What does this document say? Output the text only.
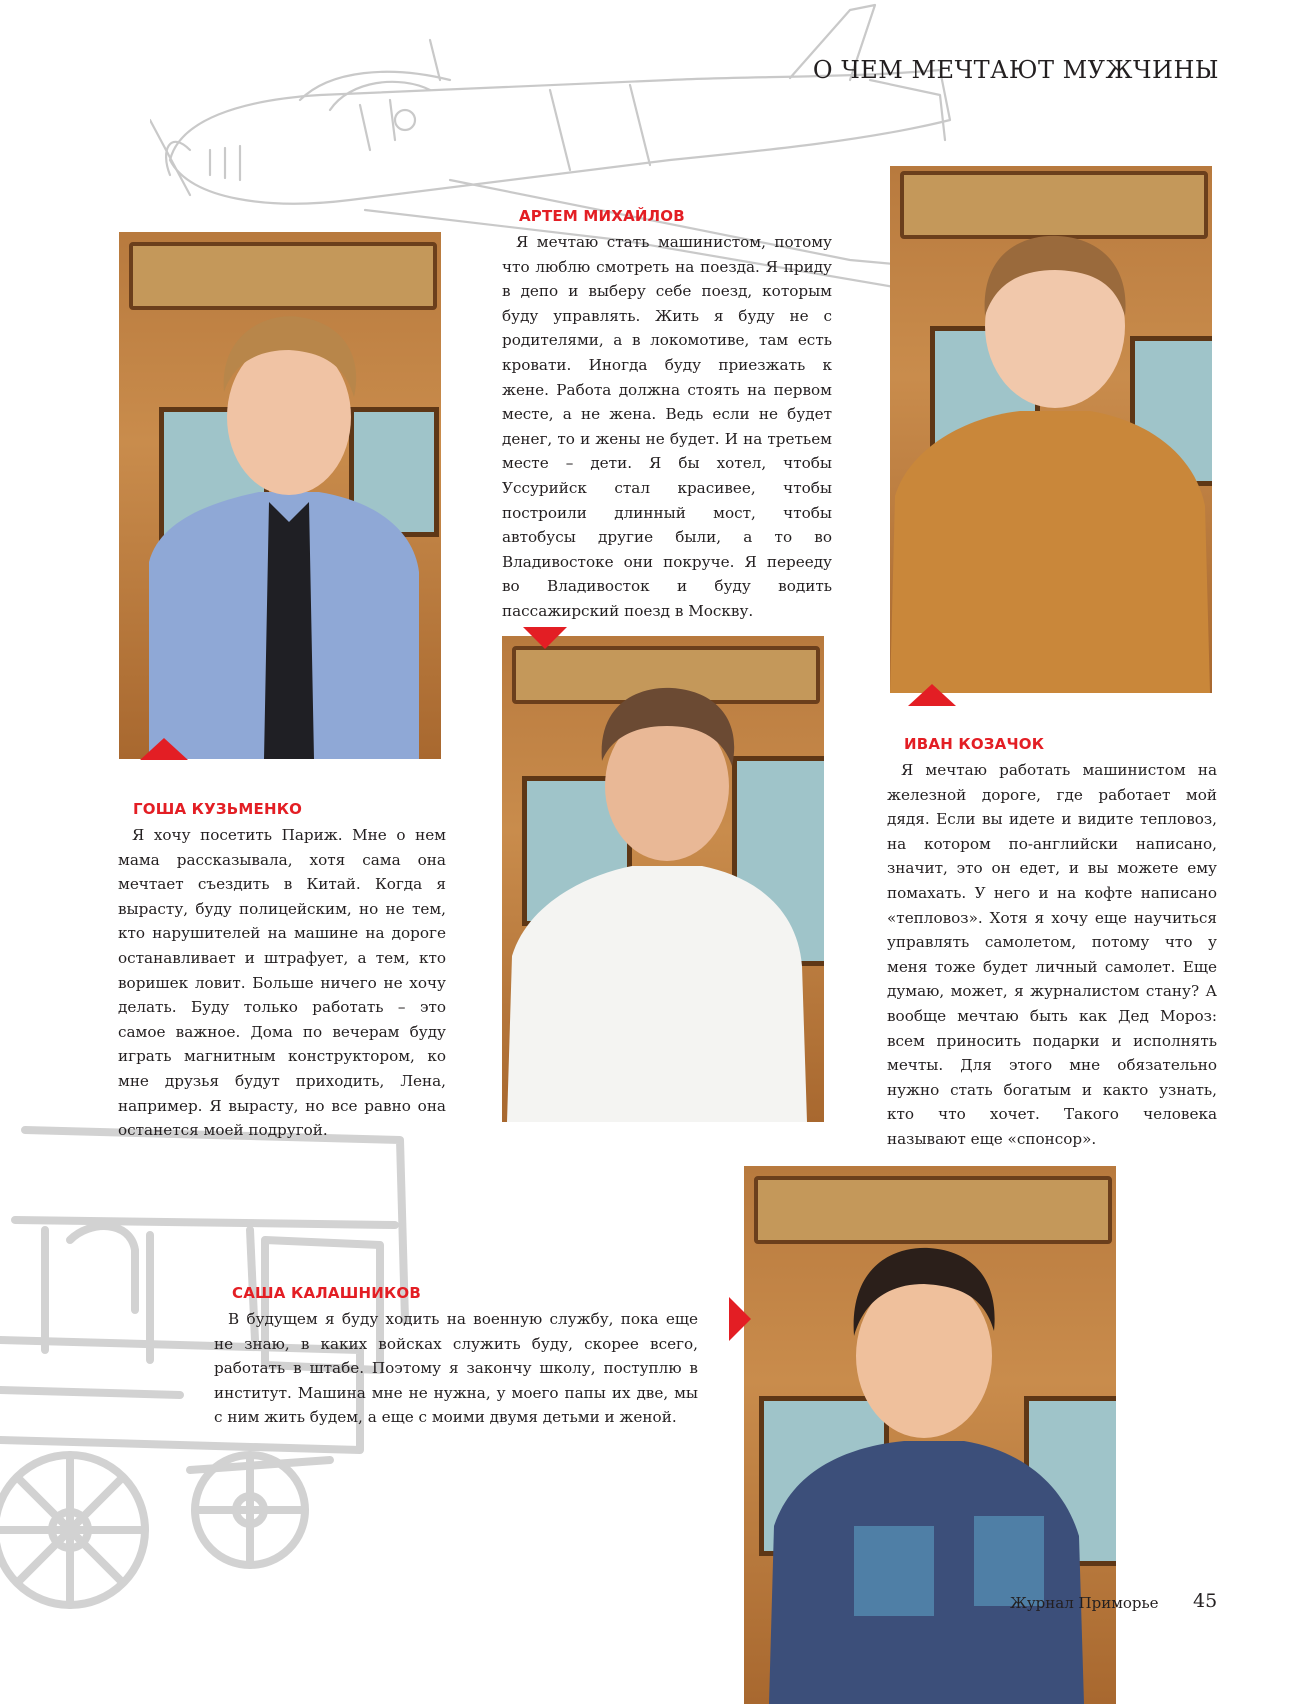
О ЧЕМ МЕЧТАЮТ МУЖЧИНЫ
АРТЕМ МИХАЙЛОВ

Я мечтаю стать машинистом, потому что люблю смотреть на поезда. Я приду в депо и выберу себе поезд, которым буду управлять. Жить я буду не с родителями, а в локомотиве, там есть кровати. Иногда буду приезжать к жене. Работа должна стоять на первом месте, а не жена. Ведь если не будет денег, то и жены не будет. И на третьем месте – дети. Я бы хотел, чтобы Уссурийск стал красивее, чтобы построили длинный мост, чтобы автобусы другие были, а то во Владивостоке они покруче. Я перееду во Владивосток и буду водить пассажирский поезд в Москву.

ГОША КУЗЬМЕНКО

Я хочу посетить Париж. Мне о нем мама рассказывала, хотя сама она мечтает съездить в Китай. Когда я вырасту, буду полицейским, но не тем, кто нарушителей на машине на дороге останавливает и штрафует, а тем, кто воришек ловит. Больше ничего не хочу делать. Буду только работать – это самое важное. Дома по вечерам буду играть магнитным конструктором, ко мне друзья будут приходить, Лена, например. Я вырасту, но все равно она останется моей подругой.

ИВАН КОЗАЧОК

Я мечтаю работать машинистом на железной дороге, где работает мой дядя. Если вы идете и видите тепловоз, на котором по-английски написано, значит, это он едет, и вы можете ему помахать. У него и на кофте написано «тепловоз». Хотя я хочу еще научиться управлять самолетом, потому что у меня тоже будет личный самолет. Еще думаю, может, я журналистом стану? А вообще мечтаю быть как Дед Мороз: всем приносить подарки и исполнять мечты. Для этого мне обязательно нужно стать богатым и както узнать, кто что хочет. Такого человека называют еще «спонсор».

САША КАЛАШНИКОВ

В будущем я буду ходить на военную службу, пока еще не знаю, в каких войсках служить буду, скорее всего, работать в штабе. Поэтому я закончу школу, поступлю в институт. Машина мне не нужна, у моего папы их две, мы с ним жить будем, а еще с моими двумя детьми и женой.

Журнал Приморье 45
